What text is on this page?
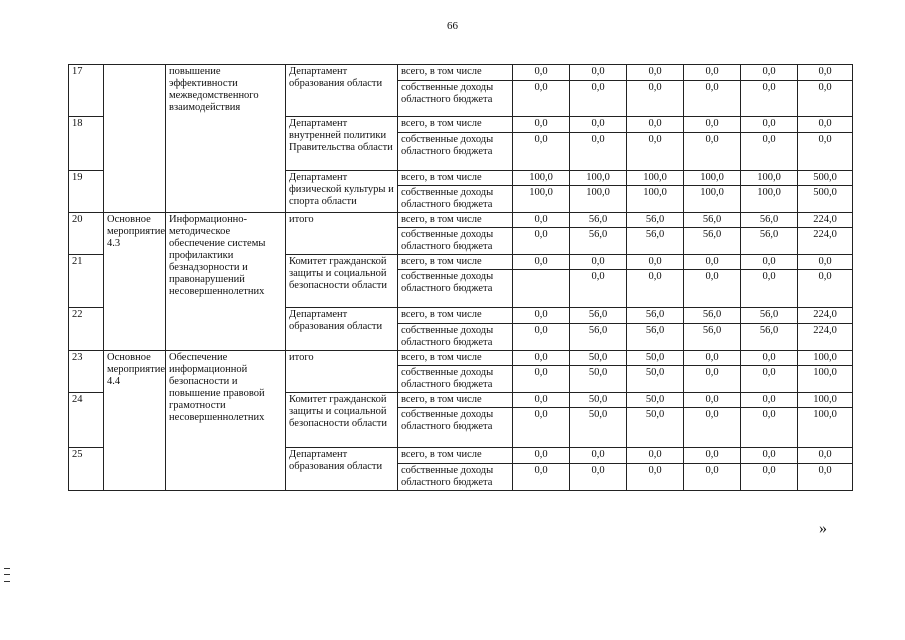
66
17		повышение эффективности межведомственного взаимодействия	Департамент образования области	всего, в том числе	0,0	0,0	0,0	0,0	0,0	0,0
				собственные доходы областного бюджета	0,0	0,0	0,0	0,0	0,0	0,0
18			Департамент внутренней политики Правительства области	всего, в том числе	0,0	0,0	0,0	0,0	0,0	0,0
				собственные доходы областного бюджета	0,0	0,0	0,0	0,0	0,0	0,0
19			Департамент физической культуры и спорта области	всего, в том числе	100,0	100,0	100,0	100,0	100,0	500,0
				собственные доходы областного бюджета	100,0	100,0	100,0	100,0	100,0	500,0
20	Основное мероприятие 4.3	Информационно-методическое обеспечение системы профилактики безнадзорности и правонарушений несовершеннолетних	итого	всего, в том числе	0,0	56,0	56,0	56,0	56,0	224,0
				собственные доходы областного бюджета	0,0	56,0	56,0	56,0	56,0	224,0
21			Комитет гражданской защиты и социальной безопасности области	всего, в том числе	0,0	0,0	0,0	0,0	0,0	0,0
				собственные доходы областного бюджета		0,0	0,0	0,0	0,0	0,0
22			Департамент образования области	всего, в том числе	0,0	56,0	56,0	56,0	56,0	224,0
				собственные доходы областного бюджета	0,0	56,0	56,0	56,0	56,0	224,0
23	Основное мероприятие 4.4	Обеспечение информационной безопасности и повышение правовой грамотности несовершеннолетних	итого	всего, в том числе	0,0	50,0	50,0	0,0	0,0	100,0
				собственные доходы областного бюджета	0,0	50,0	50,0	0,0	0,0	100,0
24			Комитет гражданской защиты и социальной безопасности области	всего, в том числе	0,0	50,0	50,0	0,0	0,0	100,0
				собственные доходы областного бюджета	0,0	50,0	50,0	0,0	0,0	100,0
25			Департамент образования области	всего, в том числе	0,0	0,0	0,0	0,0	0,0	0,0
				собственные доходы областного бюджета	0,0	0,0	0,0	0,0	0,0	0,0
»
